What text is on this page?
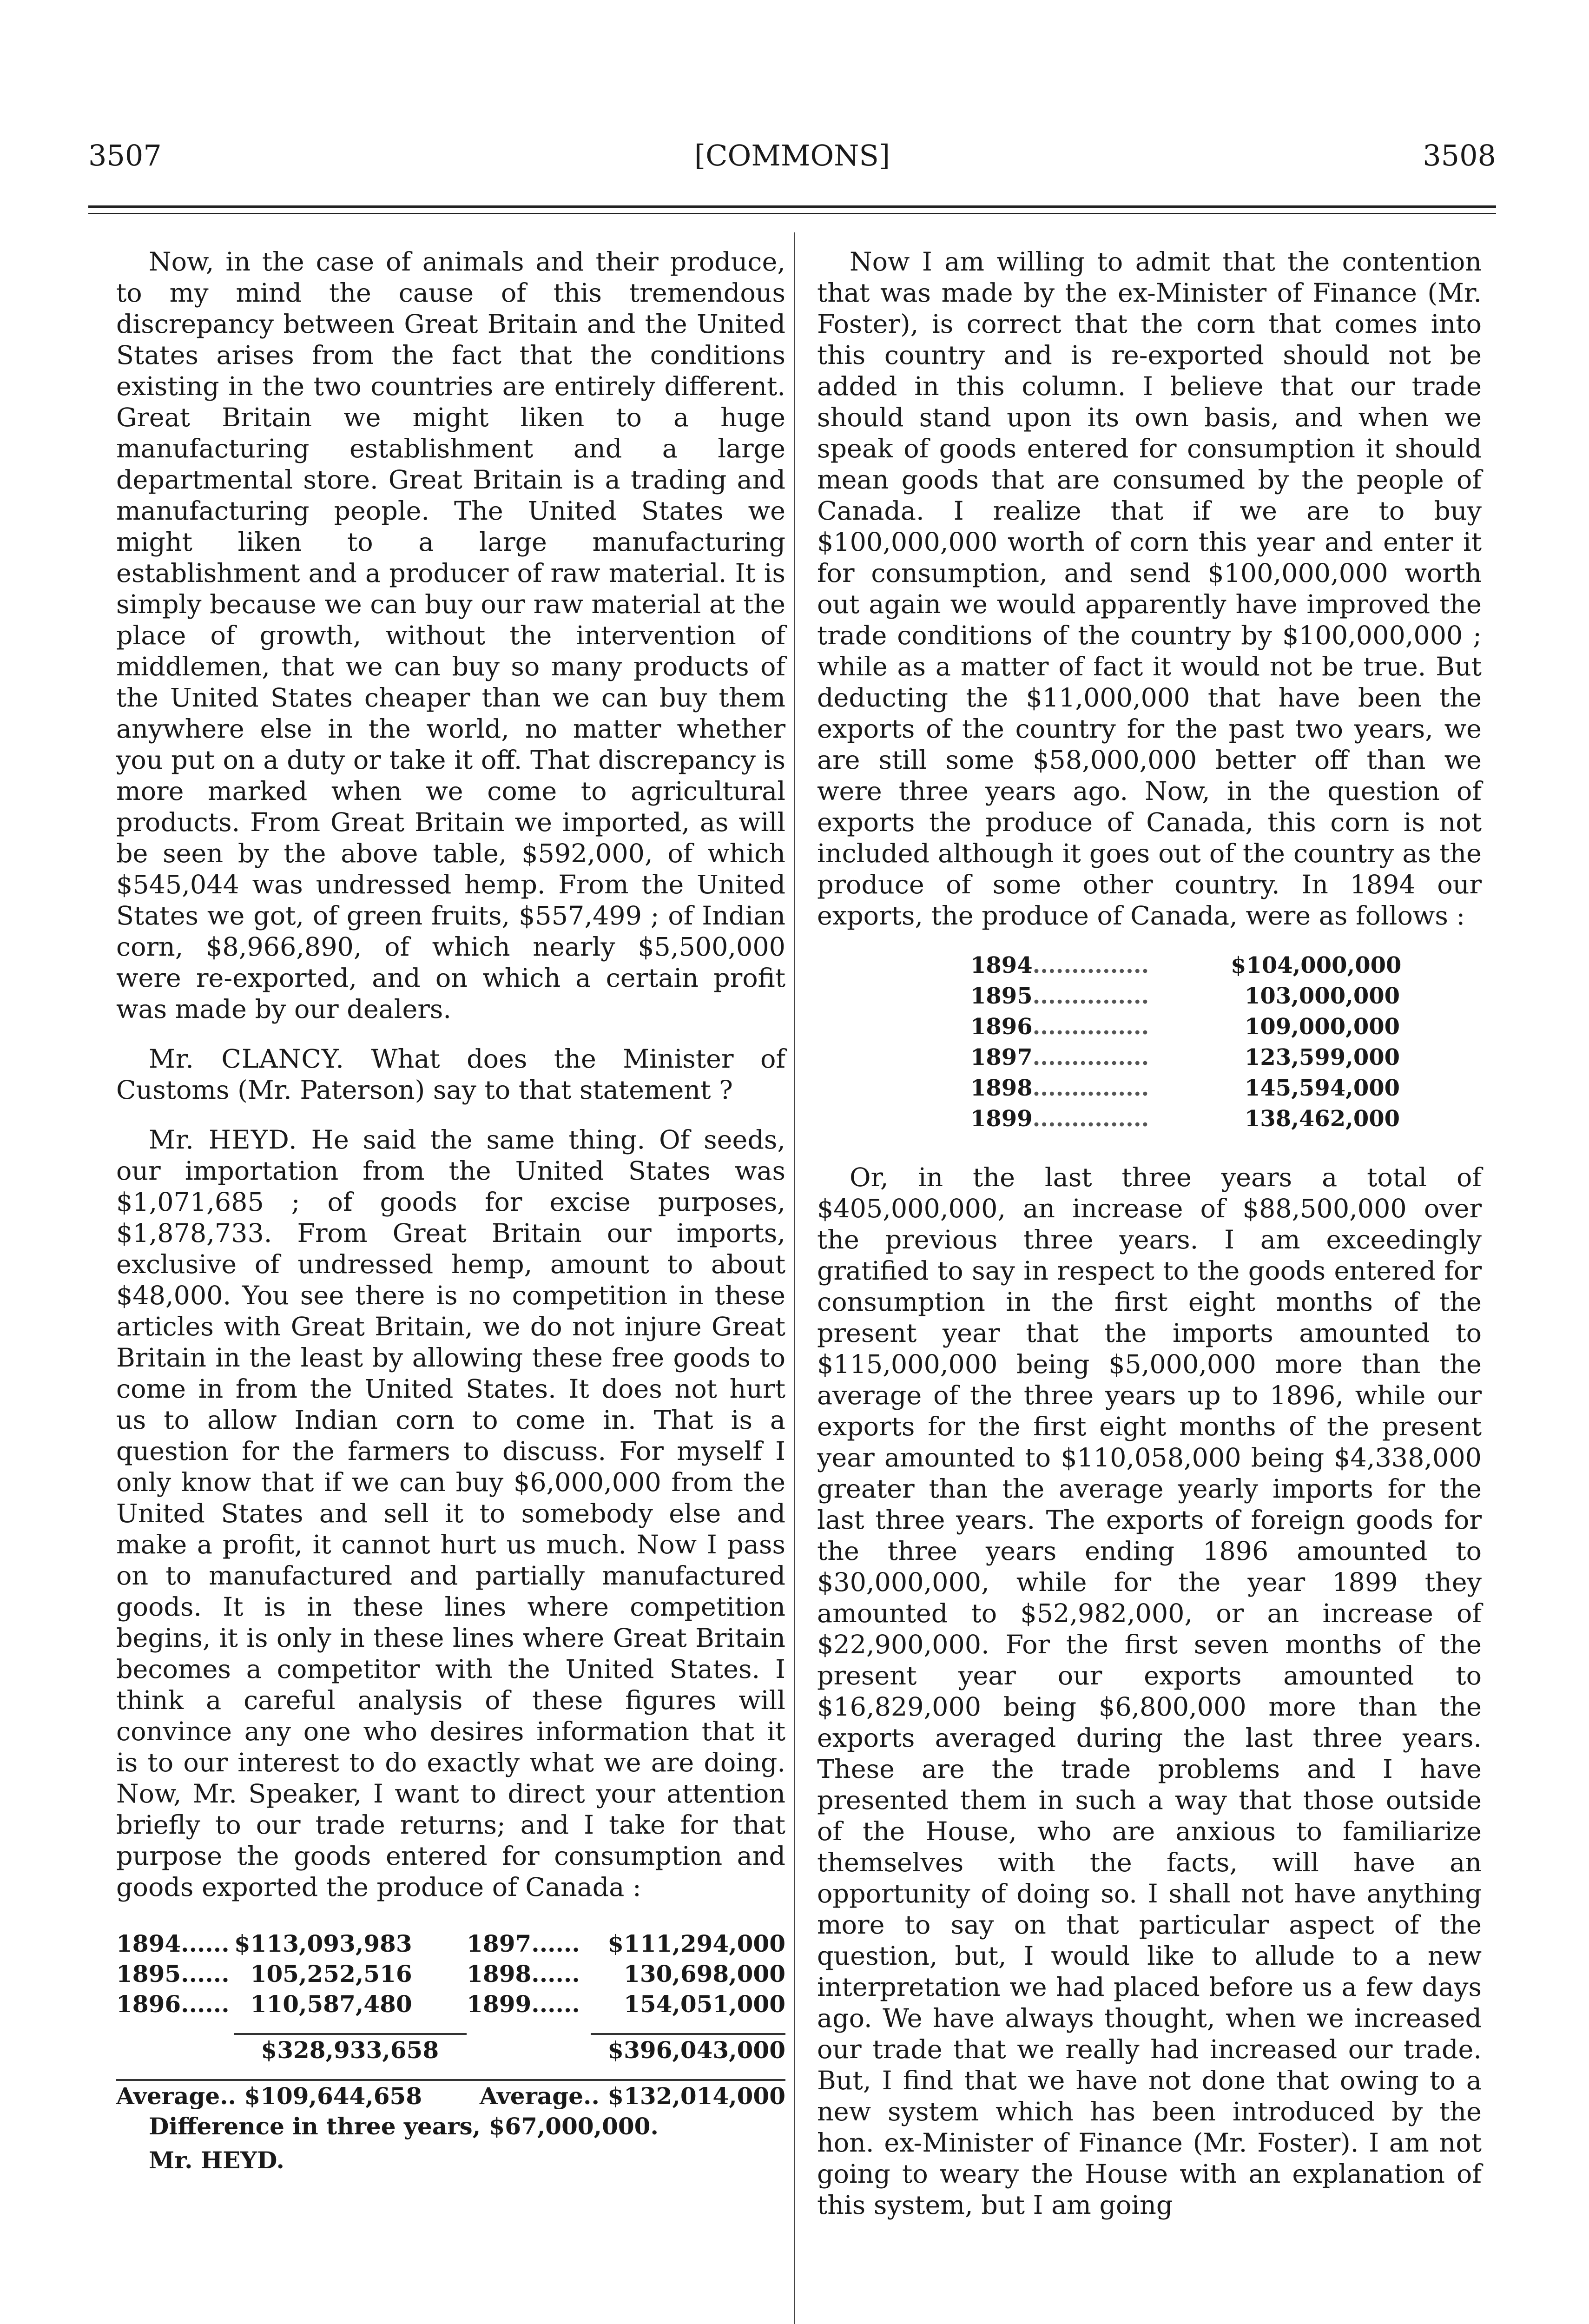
3507	[COMMONS]	3508

Now, in the case of animals and their produce, to my mind the cause of this tremendous discrepancy between Great Britain and the United States arises from the fact that the conditions existing in the two countries are entirely different. Great Britain we might liken to a huge manufacturing establishment and a large departmental store. Great Britain is a trading and manufacturing people. The United States we might liken to a large manufacturing establishment and a producer of raw material. It is simply because we can buy our raw material at the place of growth, without the intervention of middlemen, that we can buy so many products of the United States cheaper than we can buy them anywhere else in the world, no matter whether you put on a duty or take it off. That discrepancy is more marked when we come to agricultural products. From Great Britain we imported, as will be seen by the above table, $592,000, of which $545,044 was undressed hemp. From the United States we got, of green fruits, $557,499 ; of Indian corn, $8,966,890, of which nearly $5,500,000 were re-exported, and on which a certain profit was made by our dealers.

Mr. CLANCY. What does the Minister of Customs (Mr. Paterson) say to that statement ?

Mr. HEYD. He said the same thing. Of seeds, our importation from the United States was $1,071,685 ; of goods for excise purposes, $1,878,733. From Great Britain our imports, exclusive of undressed hemp, amount to about $48,000. You see there is no competition in these articles with Great Britain, we do not injure Great Britain in the least by allowing these free goods to come in from the United States. It does not hurt us to allow Indian corn to come in. That is a question for the farmers to discuss. For myself I only know that if we can buy $6,000,000 from the United States and sell it to somebody else and make a profit, it cannot hurt us much. Now I pass on to manufactured and partially manufactured goods. It is in these lines where competition begins, it is only in these lines where Great Britain becomes a competitor with the United States. I think a careful analysis of these figures will convince any one who desires information that it is to our interest to do exactly what we are doing. Now, Mr. Speaker, I want to direct your attention briefly to our trade returns; and I take for that purpose the goods entered for consumption and goods exported the produce of Canada :

1894......	$113,093,983	1897......	$111,294,000
1895......	105,252,516	1898......	130,698,000
1896......	110,587,480	1899......	154,051,000

	$328,933,658		$396,043,000

Average.. $109,644,658		Average.. $132,014,000	
Difference in three years, $67,000,000.
Mr. HEYD.

Now I am willing to admit that the contention that was made by the ex-Minister of Finance (Mr. Foster), is correct that the corn that comes into this country and is re-exported should not be added in this column. I believe that our trade should stand upon its own basis, and when we speak of goods entered for consumption it should mean goods that are consumed by the people of Canada. I realize that if we are to buy $100,000,000 worth of corn this year and enter it for consumption, and send $100,000,000 worth out again we would apparently have improved the trade conditions of the country by $100,000,000 ; while as a matter of fact it would not be true. But deducting the $11,000,000 that have been the exports of the country for the past two years, we are still some $58,000,000 better off than we were three years ago. Now, in the question of exports the produce of Canada, this corn is not included although it goes out of the country as the produce of some other country. In 1894 our exports, the produce of Canada, were as follows :

1894...............	$104,000,000
1895...............	103,000,000
1896...............	109,000,000
1897...............	123,599,000
1898...............	145,594,000
1899...............	138,462,000

Or, in the last three years a total of $405,000,000, an increase of $88,500,000 over the previous three years. I am exceedingly gratified to say in respect to the goods entered for consumption in the first eight months of the present year that the imports amounted to $115,000,000 being $5,000,000 more than the average of the three years up to 1896, while our exports for the first eight months of the present year amounted to $110,058,000 being $4,338,000 greater than the average yearly imports for the last three years. The exports of foreign goods for the three years ending 1896 amounted to $30,000,000, while for the year 1899 they amounted to $52,982,000, or an increase of $22,900,000. For the first seven months of the present year our exports amounted to $16,829,000 being $6,800,000 more than the exports averaged during the last three years. These are the trade problems and I have presented them in such a way that those outside of the House, who are anxious to familiarize themselves with the facts, will have an opportunity of doing so. I shall not have anything more to say on that particular aspect of the question, but, I would like to allude to a new interpretation we had placed before us a few days ago. We have always thought, when we increased our trade that we really had increased our trade. But, I find that we have not done that owing to a new system which has been introduced by the hon. ex-Minister of Finance (Mr. Foster). I am not going to weary the House with an explanation of this system, but I am going
